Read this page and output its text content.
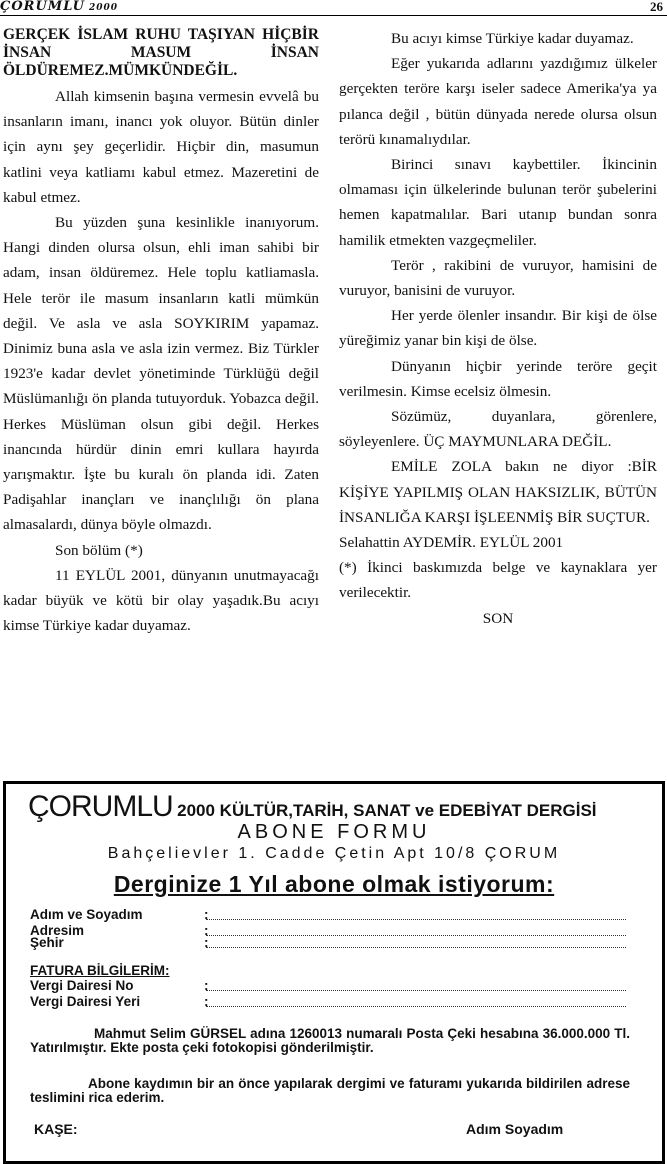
ÇORUMLU 2000	26

GERÇEK İSLAM RUHU TAŞIYAN HİÇBİR İNSAN MASUM İNSAN ÖLDÜREMEZ.MÜMKÜNDEĞİL.

Allah kimsenin başına vermesin evvelâ bu insanların imanı, inancı yok oluyor. Bütün dinler için aynı şey geçerlidir. Hiçbir din, masumun katlini veya katliamı kabul etmez. Mazeretini de kabul etmez.

Bu yüzden şuna kesinlikle inanıyorum. Hangi dinden olursa olsun, ehli iman sahibi bir adam, insan öldüremez. Hele toplu katliamasla. Hele terör ile masum insanların katli mümkün değil. Ve asla ve asla SOYKIRIM yapamaz. Dinimiz buna asla ve asla izin vermez. Biz Türkler 1923'e kadar devlet yönetiminde Türklüğü değil Müslümanlığı ön planda tutuyorduk. Yobazca değil. Herkes Müslüman olsun gibi değil. Herkes inancında hürdür dinin emri kullara hayırda yarışmaktır. İşte bu kuralı ön planda idi. Zaten Padişahlar inançları ve inançlılığı ön plana almasalardı, dünya böyle olmazdı.

Son bölüm (*)

11 EYLÜL 2001, dünyanın unutmayacağı kadar büyük ve kötü bir olay yaşadık.Bu acıyı kimse Türkiye kadar duyamaz.

Bu acıyı kimse Türkiye kadar duyamaz.

Eğer yukarıda adlarını yazdığımız ülkeler gerçekten teröre karşı iseler sadece Amerika'ya ya pılanca değil , bütün dünyada nerede olursa olsun terörü kınamalıydılar.

Birinci sınavı kaybettiler. İkincinin olmaması için ülkelerinde bulunan terör şubelerini hemen kapatmalılar. Bari utanıp bundan sonra hamilik etmekten vazgeçmeliler.

Terör , rakibini de vuruyor, hamisini de vuruyor, banisini de vuruyor.

Her yerde ölenler insandır. Bir kişi de ölse yüreğimiz yanar bin kişi de ölse.

Dünyanın hiçbir yerinde teröre geçit verilmesin. Kimse ecelsiz ölmesin.

Sözümüz, duyanlara, görenlere, söyleyenlere. ÜÇ MAYMUNLARA DEĞİL.

EMİLE ZOLA bakın ne diyor :BİR KİŞİYE YAPILMIŞ OLAN HAKSIZLIK, BÜTÜN İNSANLIĞA KARŞI İŞLEENMİŞ BİR SUÇTUR.

Selahattin AYDEMİR. EYLÜL 2001

(*) İkinci baskımızda belge ve kaynaklara yer verilecektir.

SON

ÇORUMLU 2000 KÜLTÜR,TARİH, SANAT ve EDEBİYAT DERGİSİ
ABONE FORMU
Bahçelievler 1. Cadde Çetin Apt 10/8 ÇORUM
Derginize 1 Yıl abone olmak istiyorum:
Adım ve Soyadım	:
Adresim	:
Şehir	:
FATURA BİLGİLERİM:
Vergi Dairesi No	:
Vergi Dairesi Yeri	:
Mahmut Selim GÜRSEL adına 1260013 numaralı Posta Çeki hesabına 36.000.000 Tl. Yatırılmıştır. Ekte posta çeki fotokopisi gönderilmiştir.
Abone kaydımın bir an önce yapılarak dergimi ve faturamı yukarıda bildirilen adrese teslimini rica ederim.
KAŞE:	Adım Soyadım
